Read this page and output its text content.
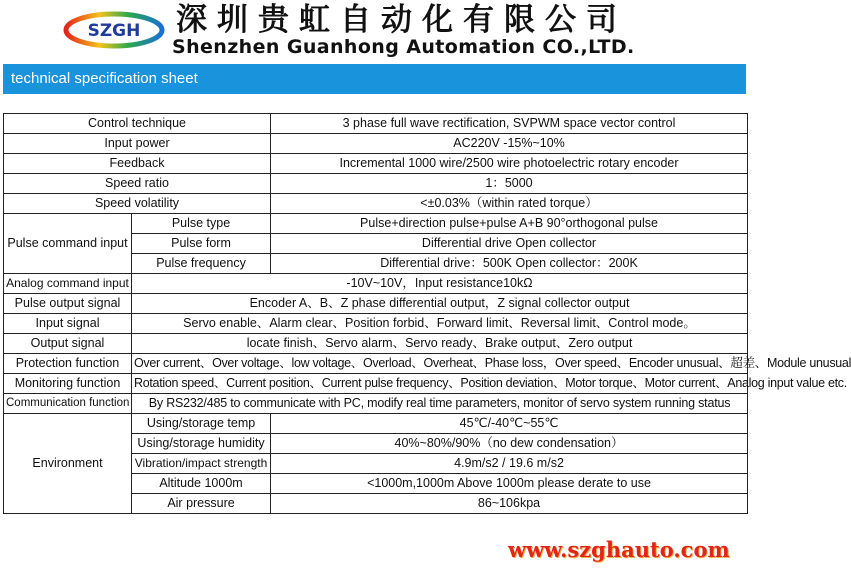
SZGH 深圳贵虹自动化有限公司
Shenzhen Guanhong Automation CO.,LTD.
technical specification sheet
Control technique		3 phase full wave rectification, SVPWM space vector control
Input power		AC220V -15%~10%
Feedback		Incremental 1000 wire/2500 wire photoelectric rotary encoder
Speed ratio		1：5000
Speed volatility		<±0.03%（within rated torque）
Pulse command input	Pulse type	Pulse+direction pulse+pulse A+B 90°orthogonal pulse
	Pulse form	Differential drive Open collector
	Pulse frequency	Differential drive：500K Open collector：200K
Analog command input	-10V~10V，Input resistance10kΩ	
Pulse output signal	Encoder A、B、Z phase differential output，Z signal collector output	
Input signal	Servo enable、Alarm clear、Position forbid、Forward limit、Reversal limit、Control mode。	
Output signal	locate finish、Servo alarm、Servo ready、Brake output、Zero output	
Protection function	Over current、Over voltage、low voltage、Overload、Overheat、Phase loss，Over speed、Encoder unusual、超差、Module unusual	
Monitoring function	Rotation speed、Current position、Current pulse frequency、Position deviation、Motor torque、Motor current、Analog input value etc.	
Communication function	By RS232/485 to communicate with PC, modify real time parameters, monitor of servo system running status	
Environment	Using/storage temp	45℃/-40℃~55℃
	Using/storage humidity	40%~80%/90%（no dew condensation）
	Vibration/impact strength	4.9m/s2 / 19.6 m/s2
	Altitude 1000m	<1000m,1000m Above 1000m please derate to use
	Air pressure	86~106kpa
www.szghauto.com
